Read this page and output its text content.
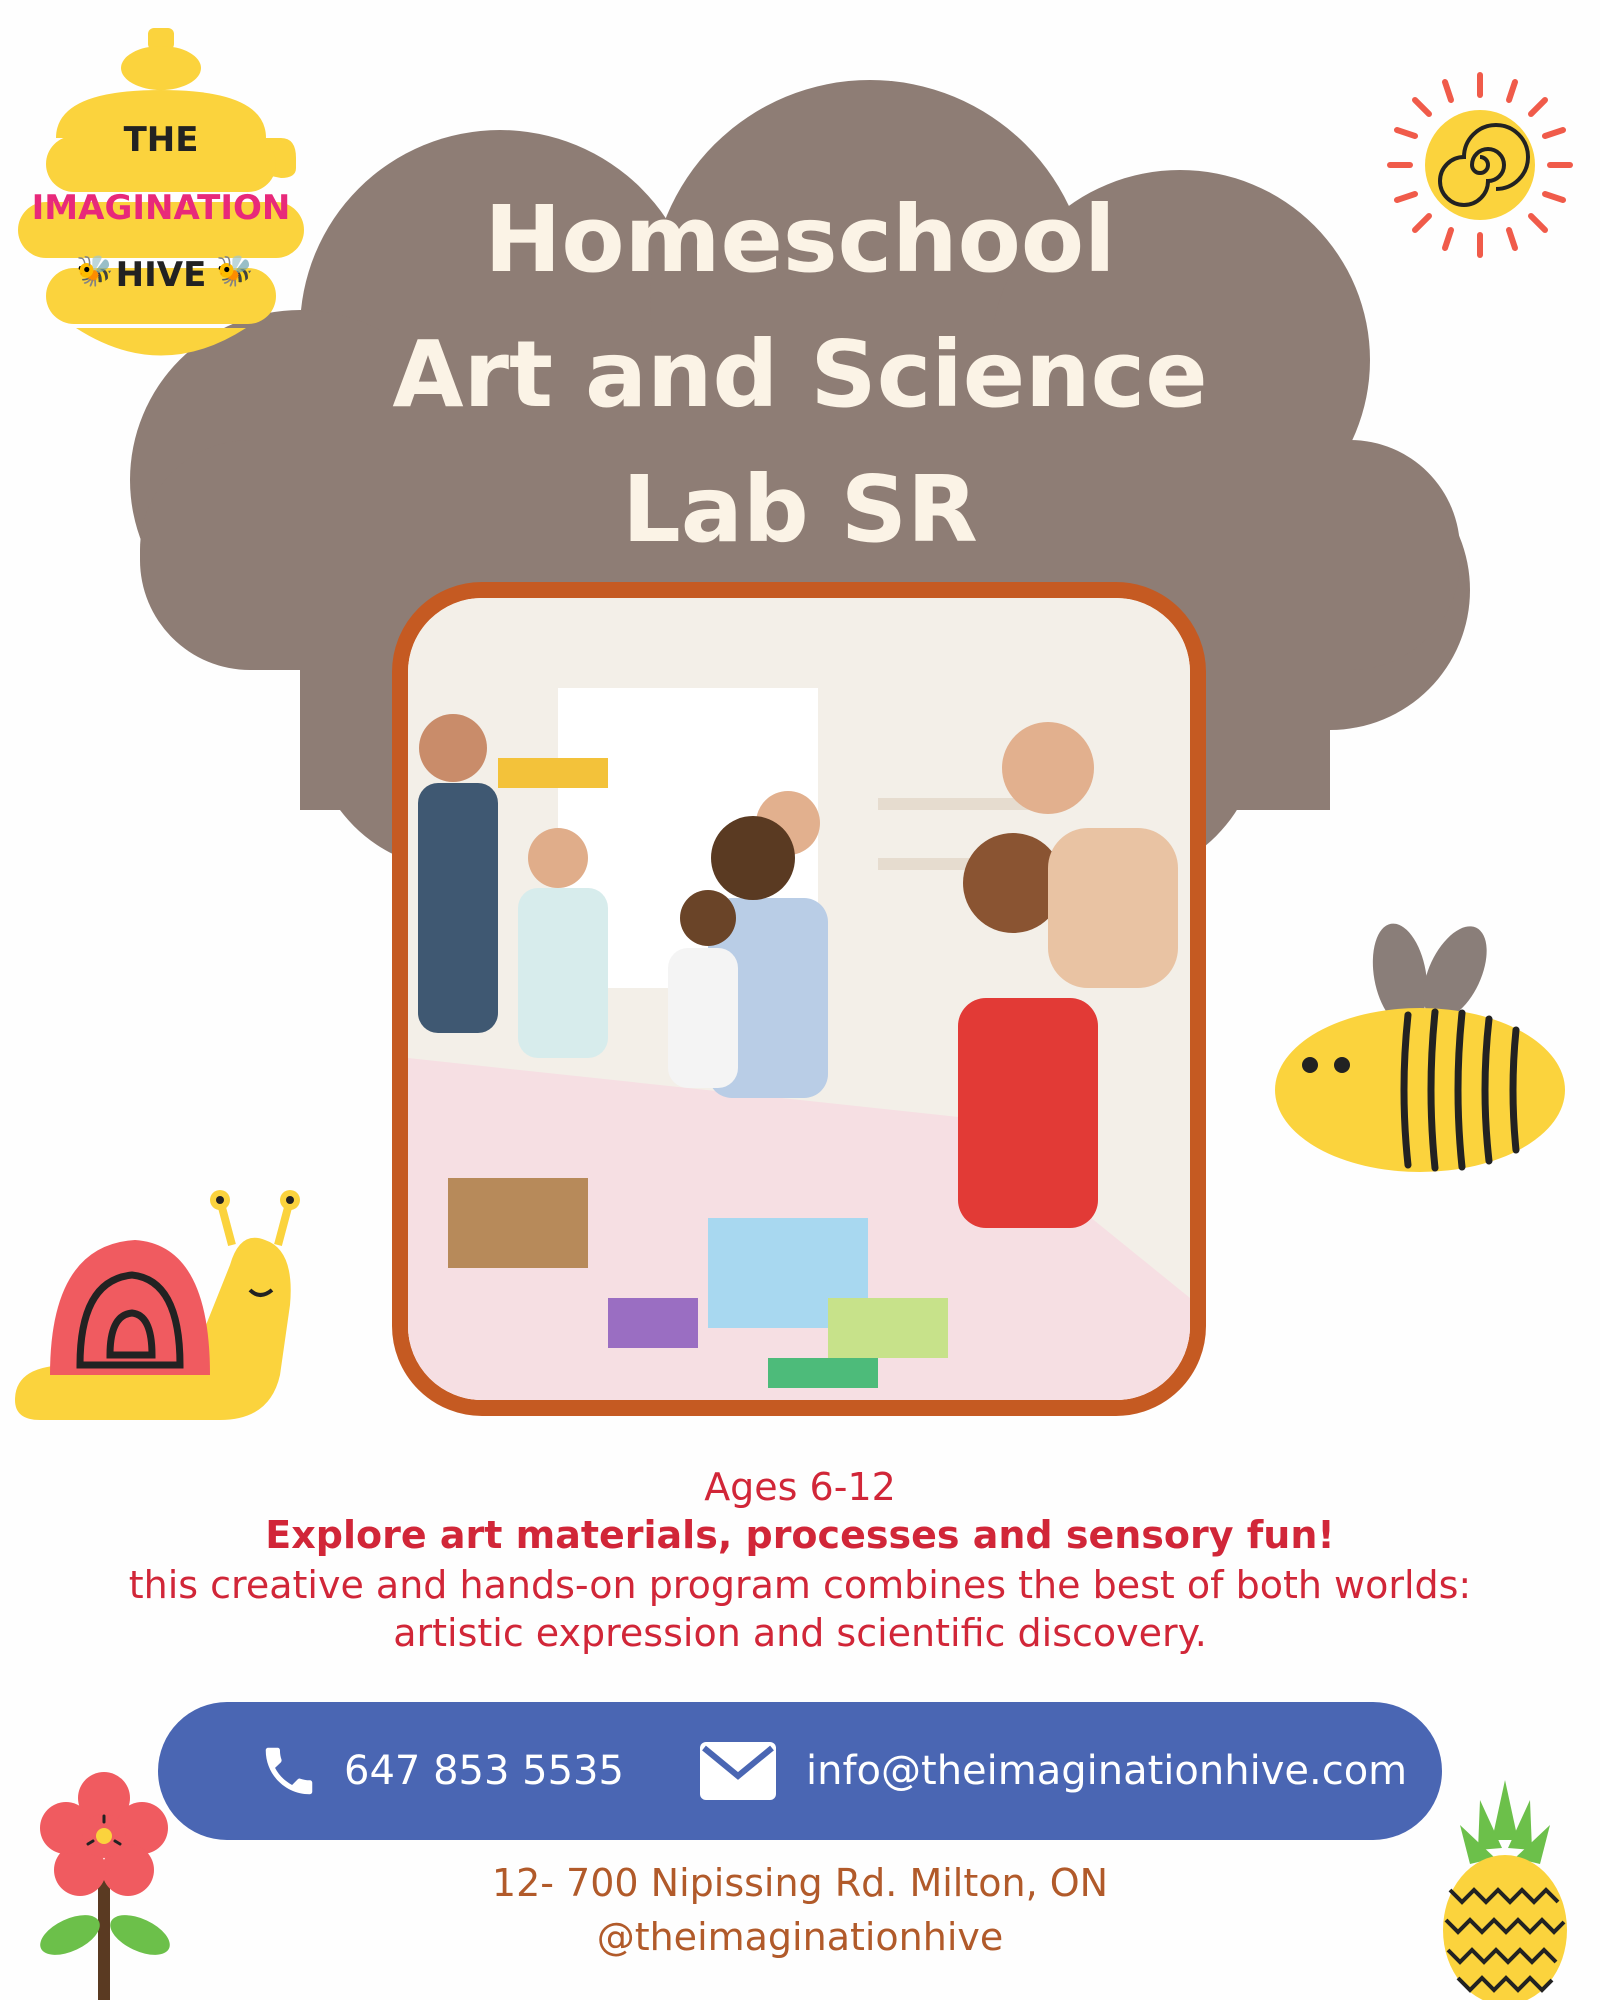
Homeschool
Art and Science
Lab SR
THE
IMAGINATION
HIVE
🐝	🐝
Ages 6-12
Explore art materials, processes and sensory fun!
this creative and hands-on program combines the best of both worlds:
artistic expression and scientific discovery.
647 853 5535	info@theimaginationhive.com
12- 700 Nipissing Rd. Milton, ON
@theimaginationhive
